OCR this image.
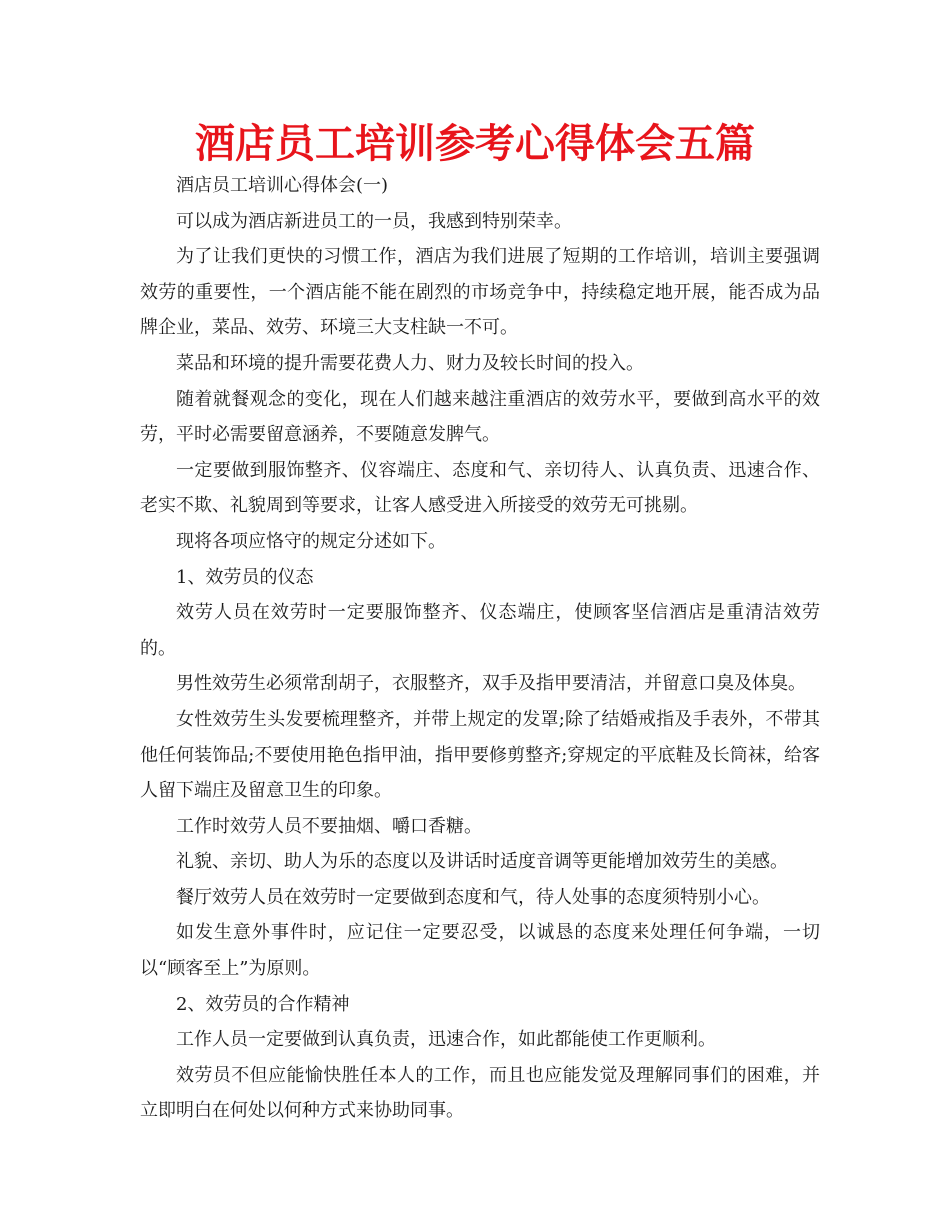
酒店员工培训参考心得体会五篇

酒店员工培训心得体会(一)

可以成为酒店新进员工的一员，我感到特别荣幸。

为了让我们更快的习惯工作，酒店为我们进展了短期的工作培训，培训主要强调效劳的重要性，一个酒店能不能在剧烈的市场竞争中，持续稳定地开展，能否成为品牌企业，菜品、效劳、环境三大支柱缺一不可。

菜品和环境的提升需要花费人力、财力及较长时间的投入。

随着就餐观念的变化，现在人们越来越注重酒店的效劳水平，要做到高水平的效劳，平时必需要留意涵养，不要随意发脾气。

一定要做到服饰整齐、仪容端庄、态度和气、亲切待人、认真负责、迅速合作、老实不欺、礼貌周到等要求，让客人感受进入所接受的效劳无可挑剔。

现将各项应恪守的规定分述如下。

1、效劳员的仪态

效劳人员在效劳时一定要服饰整齐、仪态端庄，使顾客坚信酒店是重清洁效劳的。

男性效劳生必须常刮胡子，衣服整齐，双手及指甲要清洁，并留意口臭及体臭。

女性效劳生头发要梳理整齐，并带上规定的发罩;除了结婚戒指及手表外，不带其他任何装饰品;不要使用艳色指甲油，指甲要修剪整齐;穿规定的平底鞋及长筒袜，给客人留下端庄及留意卫生的印象。

工作时效劳人员不要抽烟、嚼口香糖。

礼貌、亲切、助人为乐的态度以及讲话时适度音调等更能增加效劳生的美感。

餐厅效劳人员在效劳时一定要做到态度和气，待人处事的态度须特别小心。

如发生意外事件时，应记住一定要忍受，以诚恳的态度来处理任何争端，一切以“顾客至上”为原则。

2、效劳员的合作精神

工作人员一定要做到认真负责，迅速合作，如此都能使工作更顺利。

效劳员不但应能愉快胜任本人的工作，而且也应能发觉及理解同事们的困难，并立即明白在何处以何种方式来协助同事。
